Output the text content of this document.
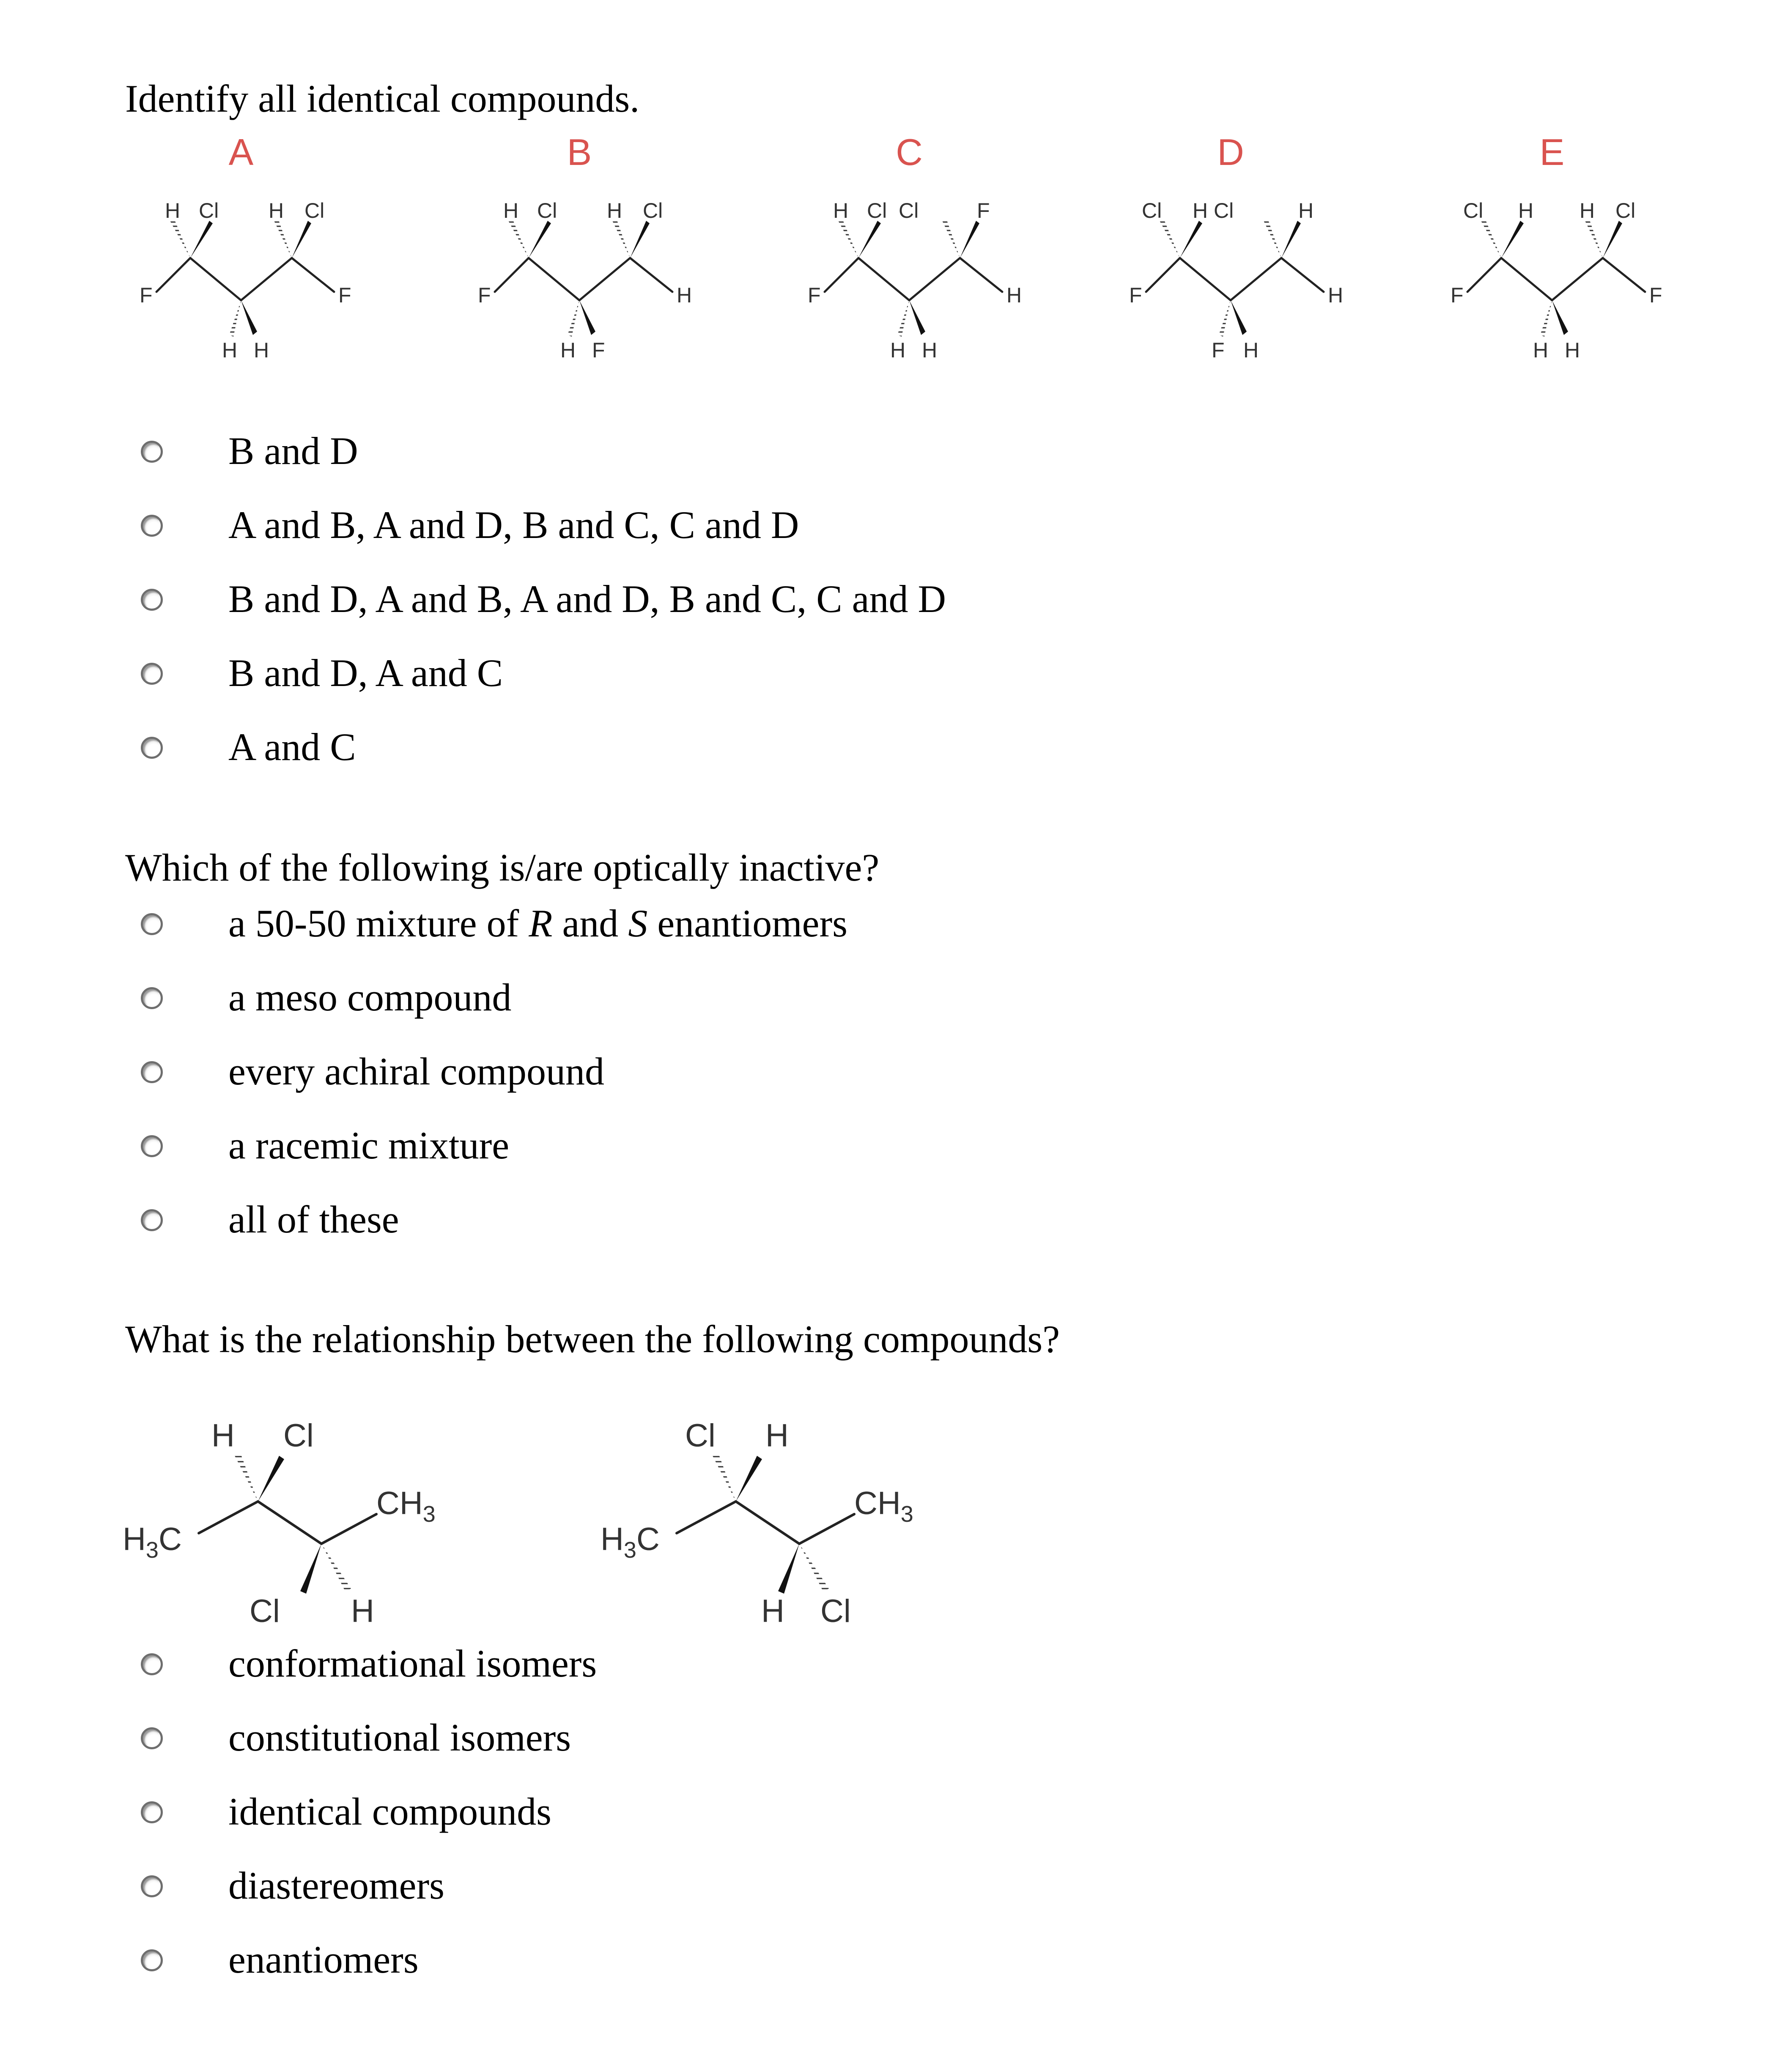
Identify all identical compounds.
A
H Cl H Cl
F	F
H H
B
H Cl H Cl
F	H
H F
C
H Cl Cl	F
F	H
H H
D
Cl H Cl	H
F	H
F H
E
Cl H H Cl
F	F
H H
B and D
A and B, A and D, B and C, C and D
B and D, A and B, A and D, B and C, C and D
B and D, A and C
A and C
Which of the following is/are optically inactive?
a 50-50 mixture of R and S enantiomers
a meso compound
every achiral compound
a racemic mixture
all of these
What is the relationship between the following compounds?
H Cl
$H_3C$
$CH_3$
Cl H
Cl H
$H_3C$
$CH_3$
H Cl
conformational isomers
constitutional isomers
identical compounds
diastereomers
enantiomers
